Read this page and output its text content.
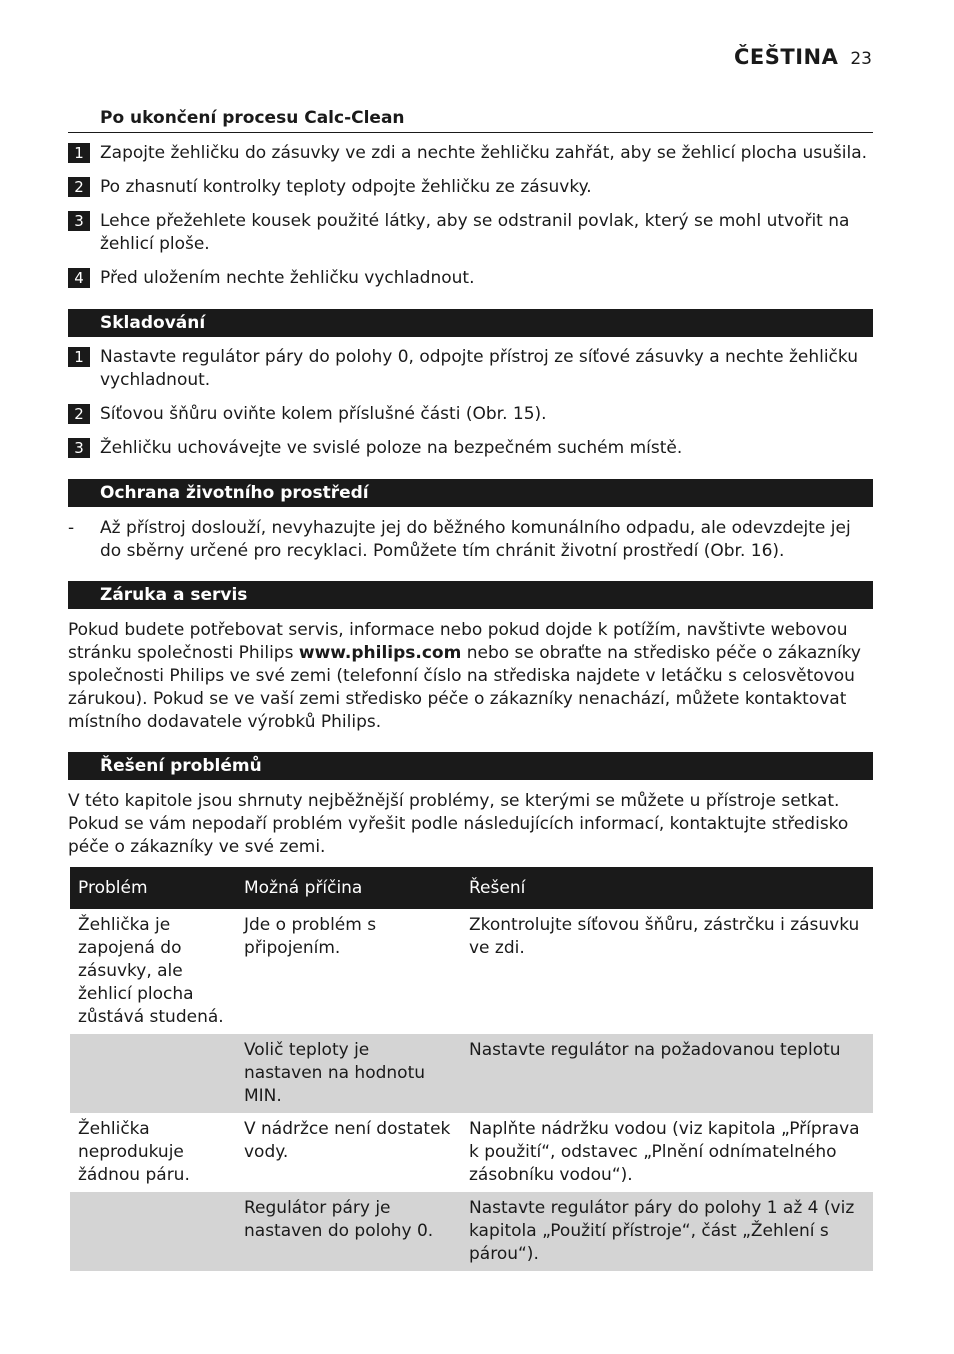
ČEŠTINA 23
Po ukončení procesu Calc-Clean
1 Zapojte žehličku do zásuvky ve zdi a nechte žehličku zahřát, aby se žehlicí plocha usušila.
2 Po zhasnutí kontrolky teploty odpojte žehličku ze zásuvky.
3 Lehce přežehlete kousek použité látky, aby se odstranil povlak, který se mohl utvořit na žehlicí ploše.
4 Před uložením nechte žehličku vychladnout.
Skladování
1 Nastavte regulátor páry do polohy 0, odpojte přístroj ze síťové zásuvky a nechte žehličku vychladnout.
2 Síťovou šňůru oviňte kolem příslušné části (Obr. 15).
3 Žehličku uchovávejte ve svislé poloze na bezpečném suchém místě.
Ochrana životního prostředí
-	Až přístroj doslouží, nevyhazujte jej do běžného komunálního odpadu, ale odevzdejte jej do sběrny určené pro recyklaci. Pomůžete tím chránit životní prostředí (Obr. 16).
Záruka a servis
Pokud budete potřebovat servis, informace nebo pokud dojde k potížím, navštivte webovou stránku společnosti Philips www.philips.com nebo se obraťte na středisko péče o zákazníky společnosti Philips ve své zemi (telefonní číslo na střediska najdete v letáčku s celosvětovou zárukou). Pokud se ve vaší zemi středisko péče o zákazníky nenachází, můžete kontaktovat místního dodavatele výrobků Philips.
Řešení problémů
V této kapitole jsou shrnuty nejběžnější problémy, se kterými se můžete u přístroje setkat. Pokud se vám nepodaří problém vyřešit podle následujících informací, kontaktujte středisko péče o zákazníky ve své zemi.
Problém	Možná příčina	Řešení
Žehlička je zapojená do zásuvky, ale žehlicí plocha zůstává studená.	Jde o problém s připojením.	Zkontrolujte síťovou šňůru, zástrčku i zásuvku ve zdi.
	Volič teploty je nastaven na hodnotu MIN.	Nastavte regulátor na požadovanou teplotu
Žehlička neprodukuje žádnou páru.	V nádržce není dostatek vody.	Naplňte nádržku vodou (viz kapitola „Příprava k použití“, odstavec „Plnění odnímatelného zásobníku vodou“).
	Regulátor páry je nastaven do polohy 0.	Nastavte regulátor páry do polohy 1 až 4 (viz kapitola „Použití přístroje“, část „Žehlení s párou“).
